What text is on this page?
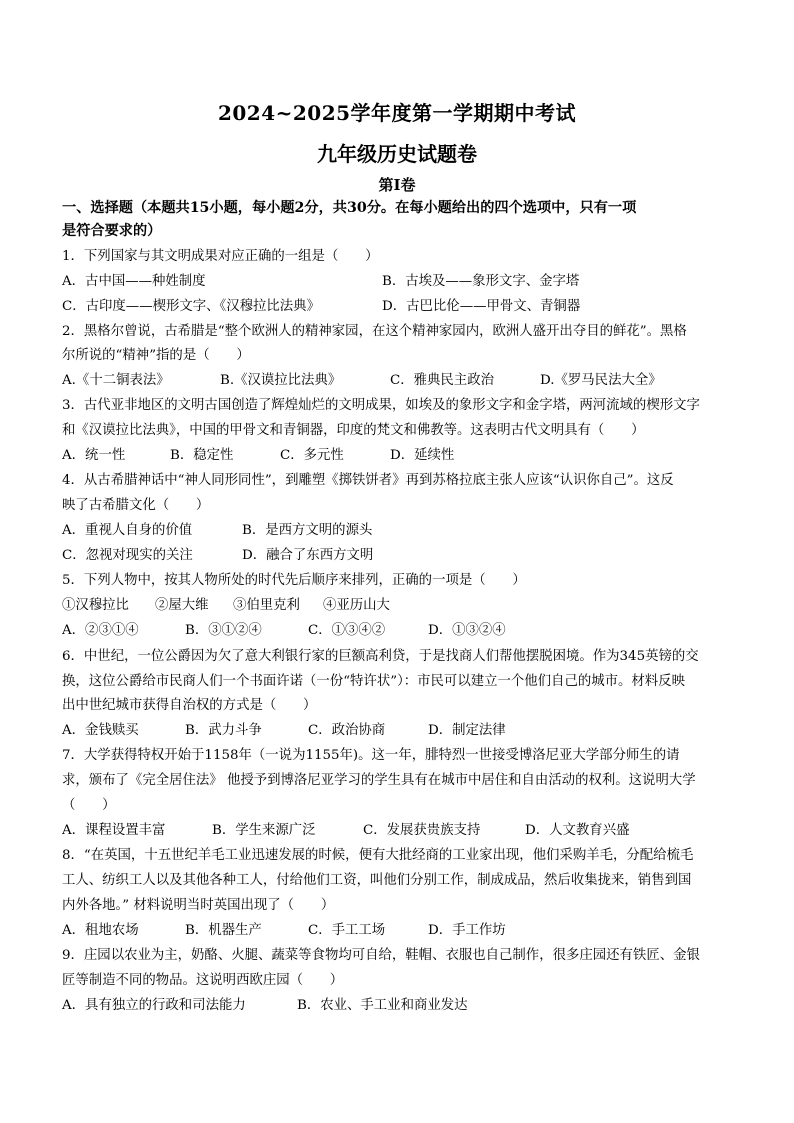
2024~2025学年度第一学期期中考试
九年级历史试题卷
第Ⅰ卷
一、选择题（本题共15小题，每小题2分，共30分。在每小题给出的四个选项中，只有一项
是符合要求的）
1．下列国家与其文明成果对应正确的一组是（　　）
A．古中国——种姓制度	B．古埃及——象形文字、金字塔
C．古印度——楔形文字、《汉穆拉比法典》	D．古巴比伦——甲骨文、青铜器
2．黑格尔曾说，古希腊是“整个欧洲人的精神家园，在这个精神家园内，欧洲人盛开出夺目的鲜花”。黑格
尔所说的“精神”指的是（　　）
A.《十二铜表法》	B.《汉谟拉比法典》	C．雅典民主政治	D.《罗马民法大全》
3．古代亚非地区的文明古国创造了辉煌灿烂的文明成果，如埃及的象形文字和金字塔，两河流域的楔形文字
和《汉谟拉比法典》，中国的甲骨文和青铜器，印度的梵文和佛教等。这表明古代文明具有（　　）
A．统一性	B．稳定性	C．多元性	D．延续性
4．从古希腊神话中“神人同形同性”，到雕塑《掷铁饼者》再到苏格拉底主张人应该“认识你自己”。这反
映了古希腊文化（　　）
A．重视人自身的价值	B．是西方文明的源头
C．忽视对现实的关注	D．融合了东西方文明
5．下列人物中，按其人物所处的时代先后顺序来排列，正确的一项是（　　）
①汉穆拉比 ②屋大维 ③伯里克利 ④亚历山大
A．②③①④	B．③①②④	C．①③④②	D．①③②④
6．中世纪，一位公爵因为欠了意大利银行家的巨额高利贷，于是找商人们帮他摆脱困境。作为345英镑的交
换，这位公爵给市民商人们一个书面许诺（一份“特许状”）：市民可以建立一个他们自己的城市。材料反映
出中世纪城市获得自治权的方式是（　　）
A．金钱赎买	B．武力斗争	C．政治协商	D．制定法律
7．大学获得特权开始于1158年（一说为1155年)。这一年，腓特烈一世接受博洛尼亚大学部分师生的请
求，颁布了《完全居住法》 他授予到博洛尼亚学习的学生具有在城市中居住和自由活动的权利。这说明大学
（　　）
A．课程设置丰富	B．学生来源广泛	C．发展获贵族支持	D．人文教育兴盛
8．“在英国，十五世纪羊毛工业迅速发展的时候，便有大批经商的工业家出现，他们采购羊毛，分配给梳毛
工人、纺织工人以及其他各种工人，付给他们工资，叫他们分别工作，制成成品，然后收集拢来，销售到国
内外各地。” 材料说明当时英国出现了（　　）
A．租地农场	B．机器生产	C．手工工场	D．手工作坊
9．庄园以农业为主，奶酪、火腿、蔬菜等食物均可自给，鞋帽、衣服也自己制作，很多庄园还有铁匠、金银
匠等制造不同的物品。这说明西欧庄园（　　）
A．具有独立的行政和司法能力	B．农业、手工业和商业发达
